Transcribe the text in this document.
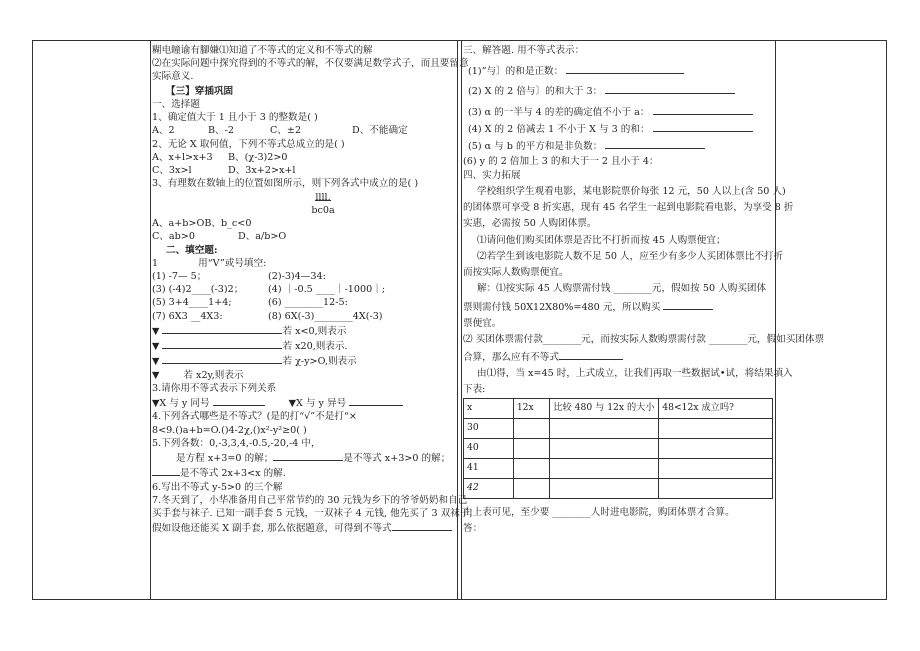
糊电瞳谕有腳嫌⑴知道了不等式的定义和不等式的解

⑵在实际问题中探究得到的不等式的解，不仅要满足数学式子，而且要留意

实际意义.

【三】穿插巩固

一、选择题

1、确定值大于 1 且小于 3 的整数是( )

A、2	B、-2	C、±2	D、不能确定

2、无论 X 取何值，下列不等式总成立的是( )

A、x+l>x+3	B、(χ-3)2>0

C、3x>l	D、3x+2>x+l

3、有理数在数轴上的位置如图所示，则下列各式中成立的是( )

llll.

bc0a

A、a+b>OB、b_c<0

C、ab>0	D、a/b>O

二、填空题:

1	用“V”或号填空:

(1) -7— 5；	(2)-3)4—34:

(3) (-4)2____(-3)2；	(4) ｜-0.5 ____｜-1000｜;

(5) 3+4____1+4;	(6) ________12-5:

(7) 6X3 __4X3:	(8) 6X(-3)________4X(-3)

▼	若 x<0,则表示

▼	若 x20,则表示．

▼	若 χ-y>O,则表示

▼	若 x2y,则表示

3.请你用不等式表示下列关系

▼X 与 y 同号	▼X 与 y 异号

4.下列各式哪些是不等式？(是的打“√”不是打“×

8<9.()a+b=O.()4-2χ,()x²-y²≥0( )

5.下列各数：0,-3,3,4,-0.5,-20,-4 中，

是方程 x+3=0 的解；	是不等式 x+3>0 的解；

是不等式 2x+3<x 的解.

6.写出不等式 y-5>0 的三个解

7.冬天到了，小华准备用自己平常节约的 30 元钱为乡下的爷爷奶奶和自己

买手套与袜子. 已知一副手套 5 元钱，一双袜子 4 元钱, 他先买了 3 双袜子,

假如设他还能买 X 副手套, 那么依据题意，可得到不等式

三、解答题. 用不等式表示：

(1)”与〕的和是正数：

(2) X 的 2 倍与〕的和大于 3：

(3) α 的一半与 4 的差的确定值不小于 a：

(4) X 的 2 倍减去 1 不小于 X 与 3 的和：

(5) α 与 b 的平方和是非负数：

(6) y 的 2 倍加上 3 的和大于一 2 且小于 4：

四、实力拓展

学校组织学生观看电影，某电影院票价每张 12 元，50 人以上(含 50 人)

的团体票可享受 8 折实惠，现有 45 名学生一起到电影院看电影，为享受 8 折

实惠，必需按 50 人购团体票。

⑴请问他们购买团体票是否比不打折而按 45 人购票便宜；

⑵若学生到该电影院人数不足 50 人，应至少有多少人买团体票比不打折

而按实际人数购票便宜。

解：⑴按实际 45 人购票需付钱 ________元，假如按 50 人购买团体

票则需付钱 50X12X80%=480 元，所以购买

票便宜。

⑵ 买团体票需付款________元，而按实际人数购票需付款 ________元，假如买团体票

合算，那么应有不等式

由⑴得，当 x=45 时，上式成立，让我们再取一些数据试•试，将结果填入

下表:

x	12x	比较 480 与 12x 的大小	48<12x 成立吗?
30			
40			
41			
42			

由上表可见，至少要 ________人时进电影院，购团体票才合算。

答：
